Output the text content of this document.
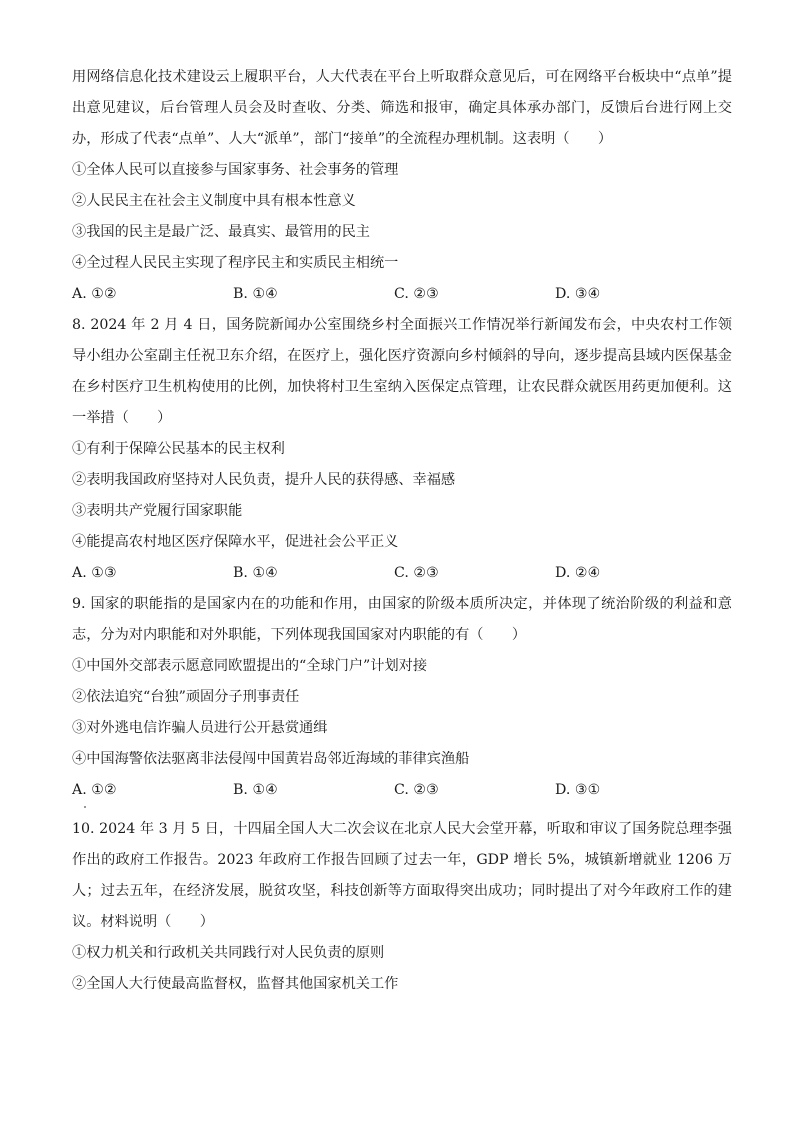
用网络信息化技术建设云上履职平台，人大代表在平台上听取群众意见后，可在网络平台板块中“点单”提出意见建议，后台管理人员会及时查收、分类、筛选和报审，确定具体承办部门，反馈后台进行网上交办，形成了代表“点单”、人大“派单”，部门“接单”的全流程办理机制。这表明（　　）

①全体人民可以直接参与国家事务、社会事务的管理

②人民民主在社会主义制度中具有根本性意义

③我国的民主是最广泛、最真实、最管用的民主

④全过程人民民主实现了程序民主和实质民主相统一

A. ①②	B. ①④	C. ②③	D. ③④

8. 2024 年 2 月 4 日，国务院新闻办公室围绕乡村全面振兴工作情况举行新闻发布会，中央农村工作领导小组办公室副主任祝卫东介绍，在医疗上，强化医疗资源向乡村倾斜的导向，逐步提高县域内医保基金在乡村医疗卫生机构使用的比例，加快将村卫生室纳入医保定点管理，让农民群众就医用药更加便利。这一举措（　　）

①有利于保障公民基本的民主权利

②表明我国政府坚持对人民负责，提升人民的获得感、幸福感

③表明共产党履行国家职能

④能提高农村地区医疗保障水平，促进社会公平正义

A. ①③	B. ①④	C. ②③	D. ②④

9. 国家的职能指的是国家内在的功能和作用，由国家的阶级本质所决定，并体现了统治阶级的利益和意志，分为对内职能和对外职能，下列体现我国国家对内职能的有（　　）

①中国外交部表示愿意同欧盟提出的“全球门户”计划对接

②依法追究“台独”顽固分子刑事责任

③对外逃电信诈骗人员进行公开悬赏通缉

④中国海警依法驱离非法侵闯中国黄岩岛邻近海域的菲律宾渔船

A. ①②	B. ①④	C. ②③	D. ③①

10. 2024 年 3 月 5 日，十四届全国人大二次会议在北京人民大会堂开幕，听取和审议了国务院总理李强作出的政府工作报告。2023 年政府工作报告回顾了过去一年，GDP 增长 5%，城镇新增就业 1206 万人；过去五年，在经济发展，脱贫攻坚，科技创新等方面取得突出成功；同时提出了对今年政府工作的建议。材料说明（　　）

①权力机关和行政机关共同践行对人民负责的原则

②全国人大行使最高监督权，监督其他国家机关工作
